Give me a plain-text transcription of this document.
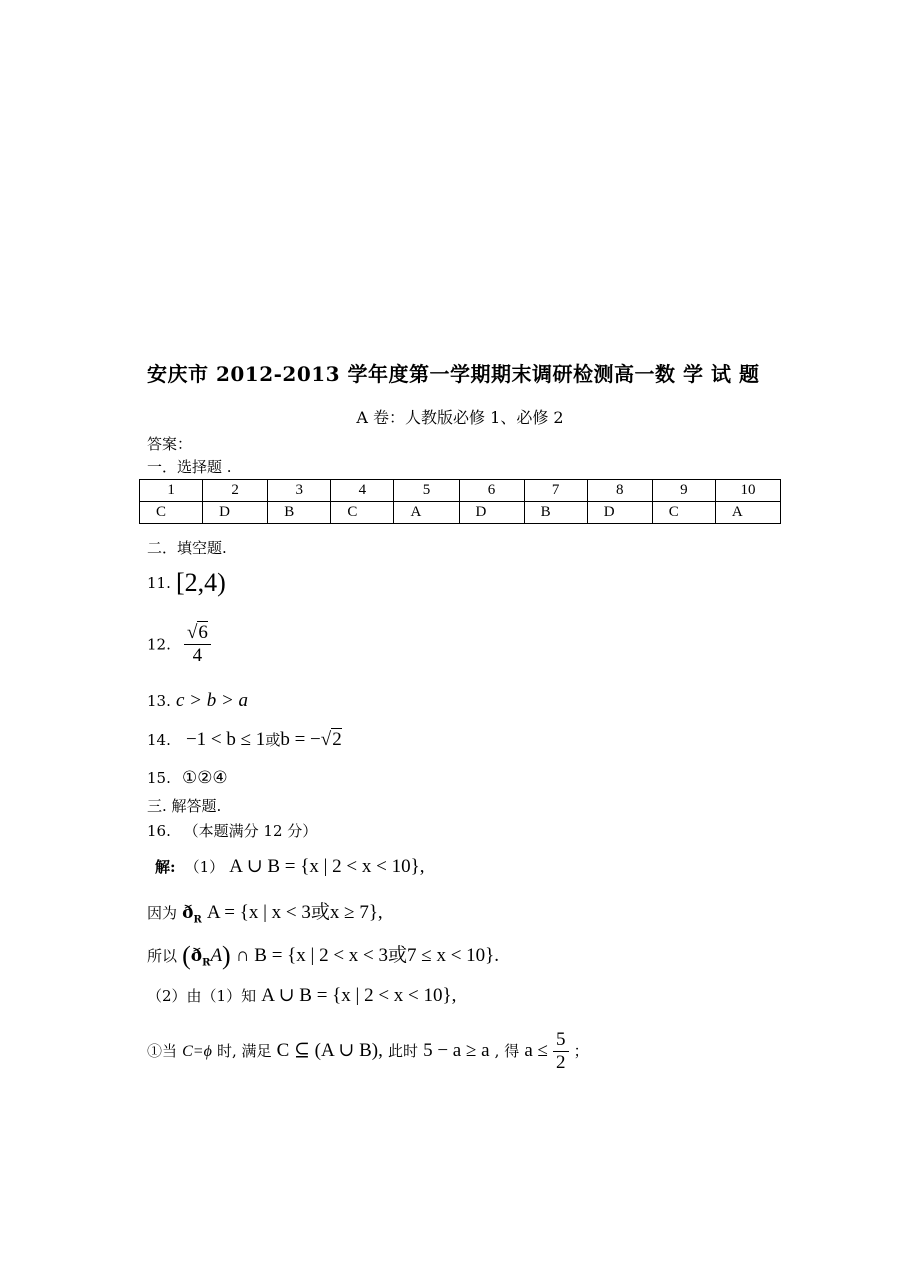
安庆市 2012-2013 学年度第一学期期末调研检测高一数 学 试 题
A 卷：人教版必修 1、必修 2
答案：
一．选择题 .
1	2	3	4	5	6	7	8	9	10
C	D	B	C	A	D	B	D	C	A
二．填空题.
11. [2,4)
12. $\frac{√6}{4}$
13. c > b > a
14. −1 < b ≤ 1或b = −√2
15. ①②④
三. 解答题.
16. （本题满分 12 分）
解: （1） A ∪ B = {x | 2 < x < 10},
因为 $ð_R$ A = {x | x < 3或x ≥ 7},
所以 $(ð_RA)$ ∩ B = {x | 2 < x < 3或7 ≤ x < 10}.
（2）由（1）知 A ∪ B = {x | 2 < x < 10},
①当 C=ϕ 时, 满足 C ⊆ (A ∪ B), 此时 5 − a ≥ a , 得 $a \le \frac{5}{2}$ ；
